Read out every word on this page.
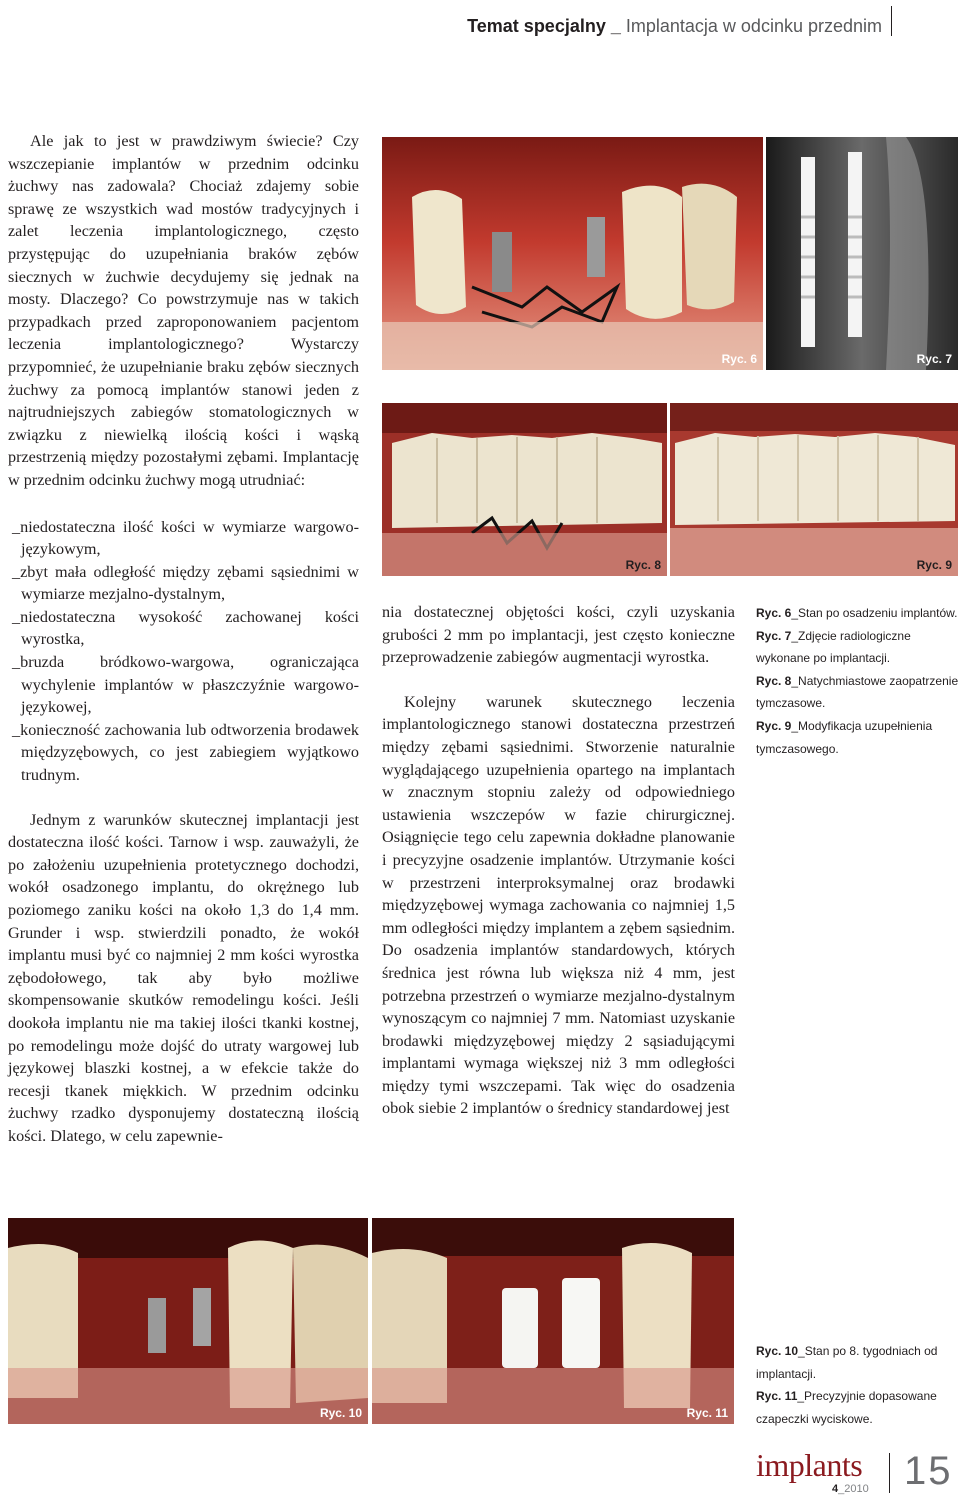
Temat specjalny _ Implantacja w odcinku przednim

Ale jak to jest w prawdziwym świecie? Czy wszczepianie implantów w przednim odcinku żuchwy nas zadowala? Chociaż zdajemy sobie sprawę ze wszystkich wad mostów tradycyjnych i zalet leczenia implantologicznego, często przystępując do uzupełniania braków zębów siecznych w żuchwie decydujemy się jednak na mosty. Dlaczego? Co powstrzymuje nas w takich przypadkach przed zaproponowaniem pacjentom leczenia implantologicznego? Wystarczy przypomnieć, że uzupełnianie braku zębów siecznych żuchwy za pomocą implantów stanowi jeden z najtrudniejszych zabiegów stomatologicznych w związku z niewielką ilością kości i wąską przestrzenią między pozostałymi zębami. Implantację w przednim odcinku żuchwy mogą utrudniać:

_niedostateczna ilość kości w wymiarze wargowo-językowym,

_zbyt mała odległość między zębami sąsiednimi w wymiarze mezjalno-dystalnym,

_niedostateczna wysokość zachowanej kości wyrostka,

_bruzda bródkowo-wargowa, ograniczająca wychylenie implantów w płaszczyźnie wargowo-językowej,

_konieczność zachowania lub odtworzenia brodawek międzyzębowych, co jest zabiegiem wyjątkowo trudnym.

Jednym z warunków skutecznej implantacji jest dostateczna ilość kości. Tarnow i wsp. zauważyli, że po założeniu uzupełnienia protetycznego dochodzi, wokół osadzonego implantu, do okrężnego lub poziomego zaniku kości na około 1,3 do 1,4 mm. Grunder i wsp. stwierdzili ponadto, że wokół implantu musi być co najmniej 2 mm kości wyrostka zębodołowego, tak aby było możliwe skompensowanie skutków remodelingu kości. Jeśli dookoła implantu nie ma takiej ilości tkanki kostnej, po remodelingu może dojść do utraty wargowej lub językowej blaszki kostnej, a w efekcie także do recesji tkanek miękkich. W przednim odcinku żuchwy rzadko dysponujemy dostateczną ilością kości. Dlatego, w celu zapewnie-

nia dostatecznej objętości kości, czyli uzyskania grubości 2 mm po implantacji, jest często konieczne przeprowadzenie zabiegów augmentacji wyrostka.

Kolejny warunek skutecznego leczenia implantologicznego stanowi dostateczna przestrzeń między zębami sąsiednimi. Stworzenie naturalnie wyglądającego uzupełnienia opartego na implantach w znacznym stopniu zależy od odpowiedniego ustawienia wszczepów w fazie chirurgicznej. Osiągnięcie tego celu zapewnia dokładne planowanie i precyzyjne osadzenie implantów. Utrzymanie kości w przestrzeni interproksymalnej oraz brodawki międzyzębowej wymaga zachowania co najmniej 1,5 mm odległości między implantem a zębem sąsiednim. Do osadzenia implantów standardowych, których średnica jest równa lub większa niż 4 mm, jest potrzebna przestrzeń o wymiarze mezjalno-dystalnym wynoszącym co najmniej 7 mm. Natomiast uzyskanie brodawki międzyzębowej między 2 sąsiadującymi implantami wymaga większej niż 3 mm odległości między tymi wszczepami. Tak więc do osadzenia obok siebie 2 implantów o średnicy standardowej jest

Ryc. 6	Ryc. 7
Ryc. 8	Ryc. 9
Ryc. 6_Stan po osadzeniu implantów.
Ryc. 7_Zdjęcie radiologiczne wykonane po implantacji.
Ryc. 8_Natychmiastowe zaopatrzenie tymczasowe.
Ryc. 9_Modyfikacja uzupełnienia tymczasowego.
Ryc. 10	Ryc. 11
Ryc. 10_Stan po 8. tygodniach od implantacji.
Ryc. 11_Precyzyjnie dopasowane czapeczki wyciskowe.
implants
4_2010 15
